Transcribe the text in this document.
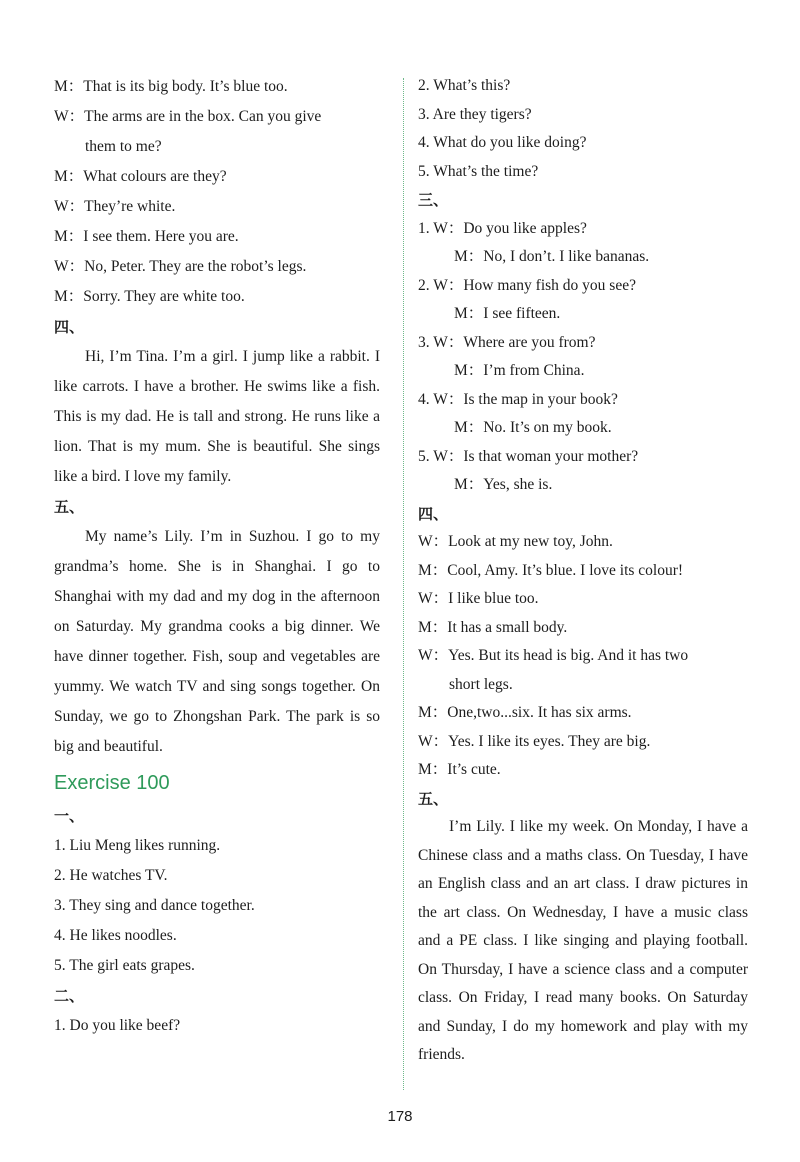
M：That is its big body. It’s blue too.
W：The arms are in the box. Can you give
them to me?
M：What colours are they?
W：They’re white.
M：I see them. Here you are.
W：No, Peter. They are the robot’s legs.
M：Sorry. They are white too.
四、

Hi, I’m Tina. I’m a girl. I jump like a rabbit. I like carrots. I have a brother. He swims like a fish. This is my dad. He is tall and strong. He runs like a lion. That is my mum. She is beautiful. She sings like a bird. I love my family.

五、

My name’s Lily. I’m in Suzhou. I go to my grandma’s home. She is in Shanghai. I go to Shanghai with my dad and my dog in the afternoon on Saturday. My grandma cooks a big dinner. We have dinner together. Fish, soup and vegetables are yummy. We watch TV and sing songs together. On Sunday, we go to Zhongshan Park. The park is so big and beautiful.

Exercise 100
一、
1. Liu Meng likes running.
2. He watches TV.
3. They sing and dance together.
4. He likes noodles.
5. The girl eats grapes.
二、
1. Do you like beef?
2. What’s this?
3. Are they tigers?
4. What do you like doing?
5. What’s the time?
三、
1. W：Do you like apples?
M：No, I don’t. I like bananas.
2. W：How many fish do you see?
M：I see fifteen.
3. W：Where are you from?
M：I’m from China.
4. W：Is the map in your book?
M：No. It’s on my book.
5. W：Is that woman your mother?
M：Yes, she is.
四、
W：Look at my new toy, John.
M：Cool, Amy. It’s blue. I love its colour!
W：I like blue too.
M：It has a small body.
W：Yes. But its head is big. And it has two
short legs.
M：One,two...six. It has six arms.
W：Yes. I like its eyes. They are big.
M：It’s cute.
五、

I’m Lily. I like my week. On Monday, I have a Chinese class and a maths class. On Tuesday, I have an English class and an art class. I draw pictures in the art class. On Wednesday, I have a music class and a PE class. I like singing and playing football. On Thursday, I have a science class and a computer class. On Friday, I read many books. On Saturday and Sunday, I do my homework and play with my friends.

178
